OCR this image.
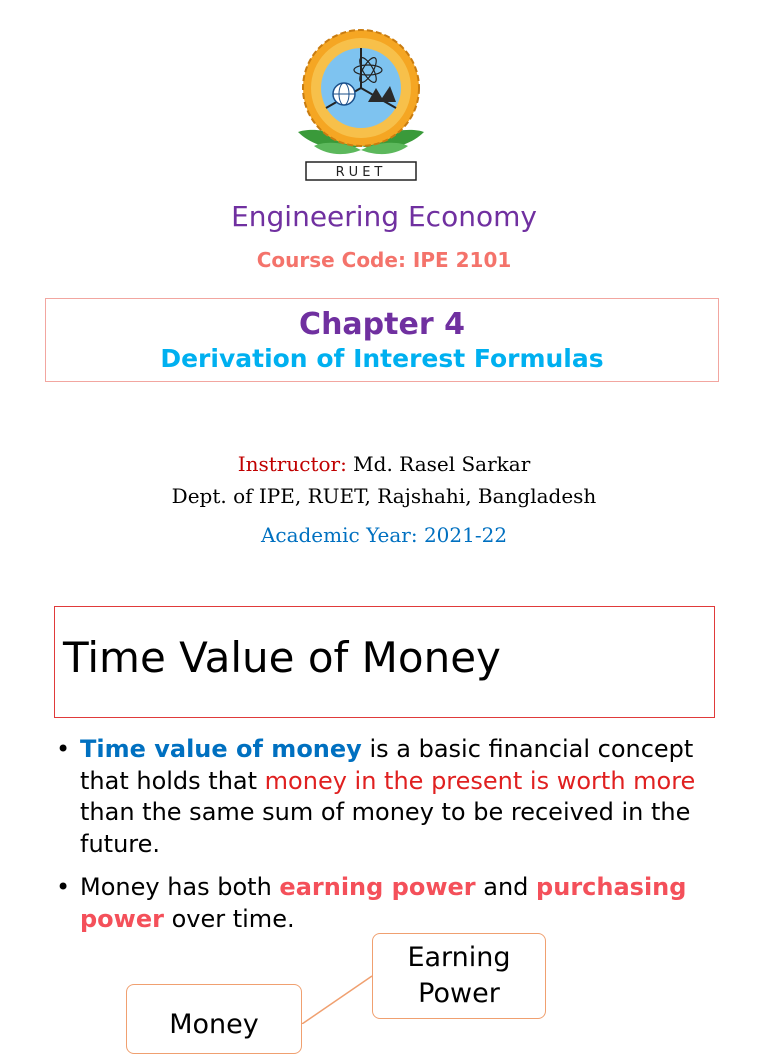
RUET
Engineering Economy
Course Code: IPE 2101
Chapter 4
Derivation of Interest Formulas
Instructor: Md. Rasel Sarkar
Dept. of IPE, RUET, Rajshahi, Bangladesh
Academic Year: 2021-22
Time Value of Money
• Time value of money is a basic financial concept that holds that money in the present is worth more than the same sum of money to be received in the future.
• Money has both earning power and purchasing power over time.
Earning Power
Money
